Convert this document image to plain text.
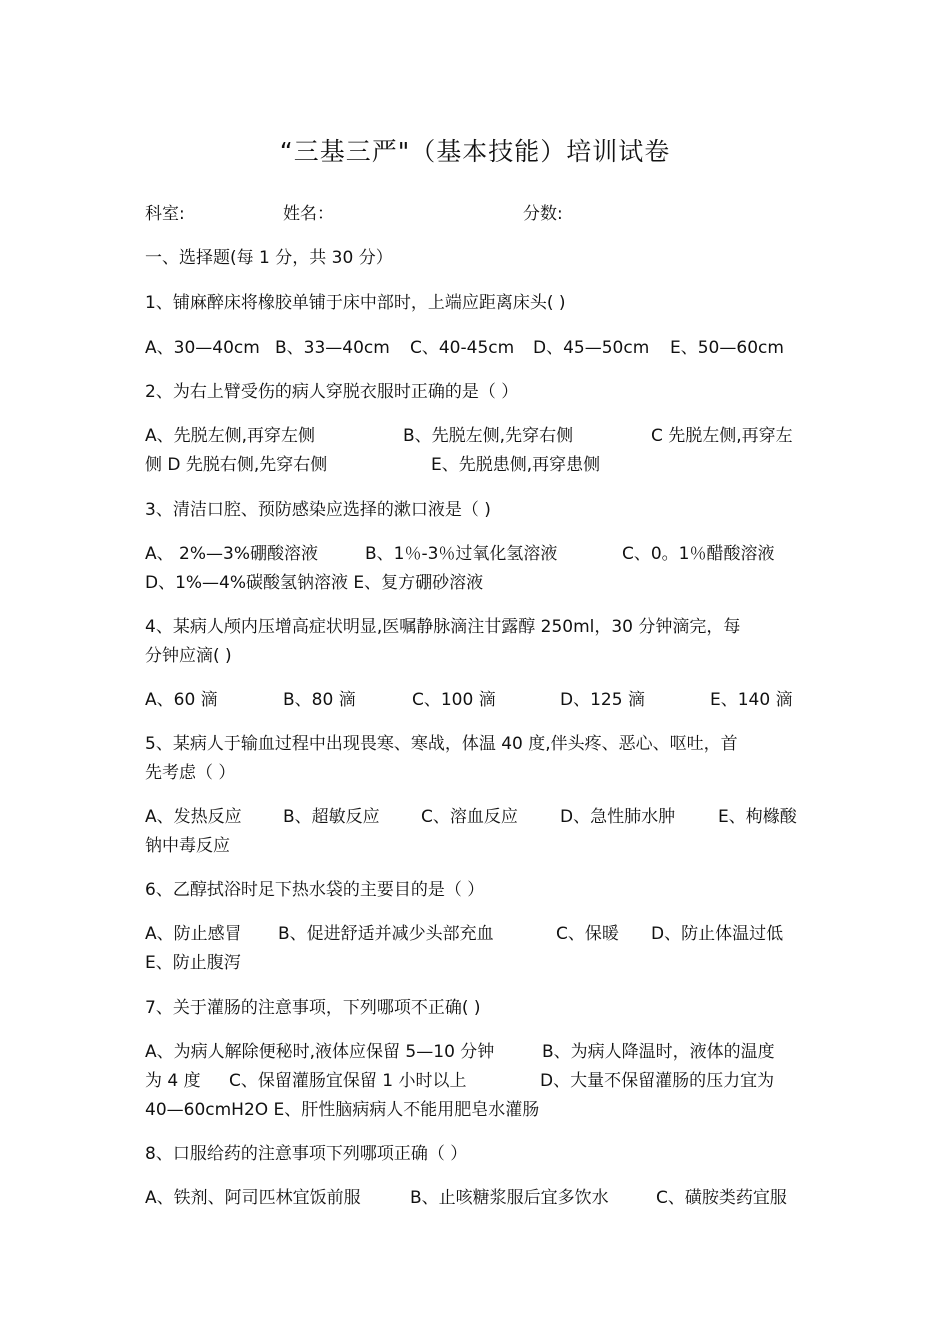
“三基三严"（基本技能）培训试卷
科室:	姓名：	分数:
一、选择题(每 1 分，共 30 分）
1、铺麻醉床将橡胶单铺于床中部时，上端应距离床头( )
A、30—40cm B、33—40cm C、40-45cm D、45—50cm E、50—60cm
2、为右上臂受伤的病人穿脱衣服时正确的是（ ）
A、先脱左侧,再穿左侧	B、先脱左侧,先穿右侧	C 先脱左侧,再穿左
侧 D 先脱右侧,先穿右侧	E、先脱患侧,再穿患侧
3、清洁口腔、预防感染应选择的漱口液是（ )
A、 2%—3%硼酸溶液	B、1％-3％过氧化氢溶液	C、0。1％醋酸溶液
D、1%—4%碳酸氢钠溶液 E、复方硼砂溶液
4、某病人颅内压增高症状明显,医嘱静脉滴注甘露醇 250ml，30 分钟滴完，每
分钟应滴( )
A、60 滴	B、80 滴	C、100 滴	D、125 滴	E、140 滴
5、某病人于输血过程中出现畏寒、寒战，体温 40 度,伴头疼、恶心、呕吐，首
先考虑（ ）
A、发热反应 B、超敏反应 C、溶血反应 D、急性肺水肿	E、枸橼酸
钠中毒反应
6、乙醇拭浴时足下热水袋的主要目的是（ ）
A、防止感冒 B、促进舒适并减少头部充血	C、保暖 D、防止体温过低
E、防止腹泻
7、关于灌肠的注意事项，下列哪项不正确( )
A、为病人解除便秘时,液体应保留 5—10 分钟	B、为病人降温时，液体的温度
为 4 度 C、保留灌肠宜保留 1 小时以上	D、大量不保留灌肠的压力宜为
40—60cmH2O E、肝性脑病病人不能用肥皂水灌肠
8、口服给药的注意事项下列哪项正确（ ）
A、铁剂、阿司匹林宜饭前服	B、止咳糖浆服后宜多饮水	C、磺胺类药宜服
